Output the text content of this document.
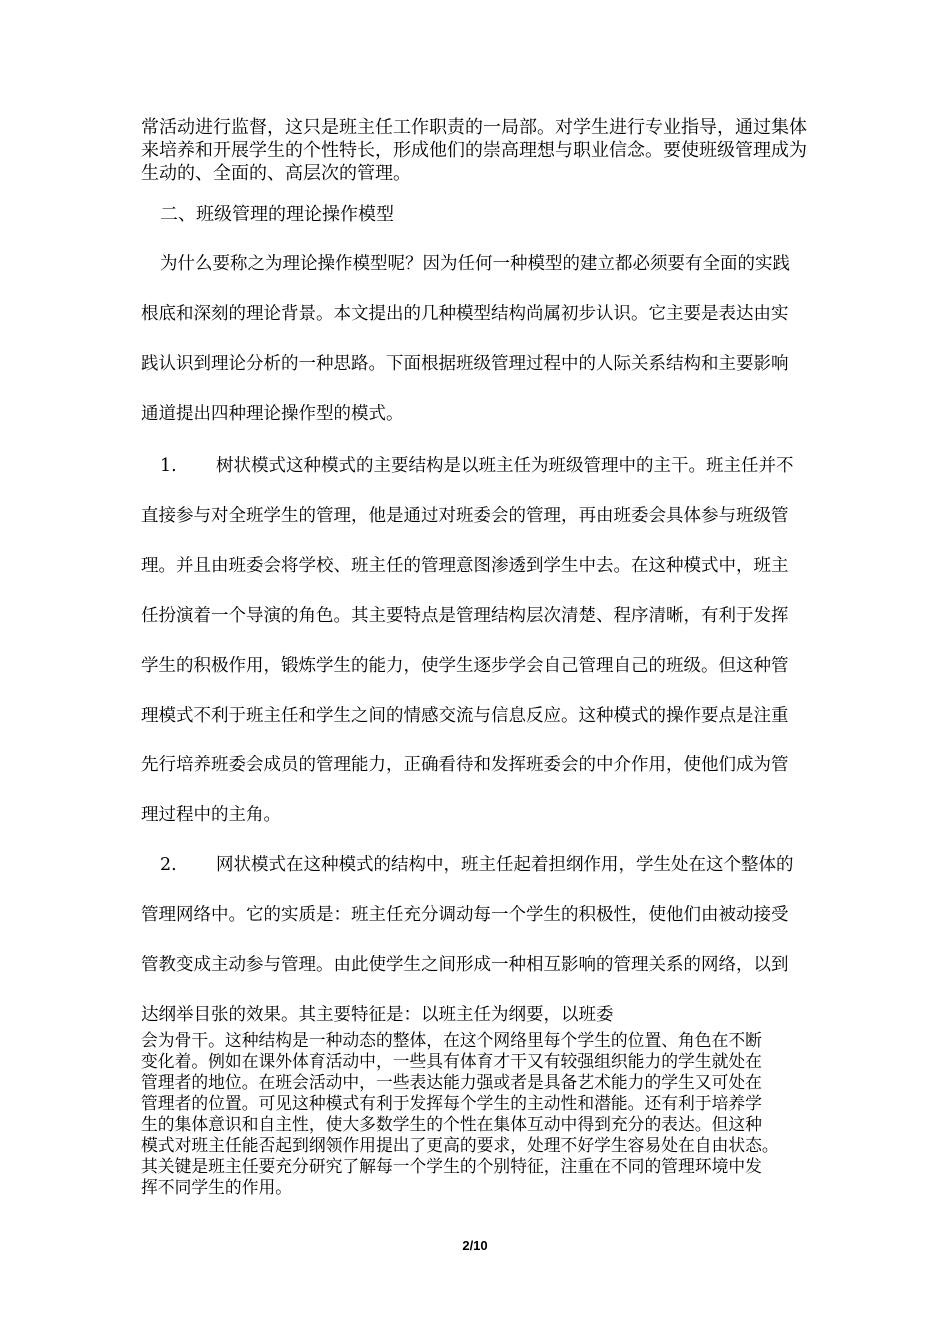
常活动进行监督，这只是班主任工作职责的一局部。对学生进行专业指导，通过集体

来培养和开展学生的个性特长，形成他们的崇高理想与职业信念。要使班级管理成为

生动的、全面的、高层次的管理。

二、班级管理的理论操作模型

为什么要称之为理论操作模型呢？因为任何一种模型的建立都必须要有全面的实践

根底和深刻的理论背景。本文提出的几种模型结构尚属初步认识。它主要是表达由实

践认识到理论分析的一种思路。下面根据班级管理过程中的人际关系结构和主要影响

通道提出四种理论操作型的模式。

1. 树状模式这种模式的主要结构是以班主任为班级管理中的主干。班主任并不

直接参与对全班学生的管理，他是通过对班委会的管理，再由班委会具体参与班级管

理。并且由班委会将学校、班主任的管理意图渗透到学生中去。在这种模式中，班主

任扮演着一个导演的角色。其主要特点是管理结构层次清楚、程序清晰，有利于发挥

学生的积极作用，锻炼学生的能力，使学生逐步学会自己管理自己的班级。但这种管

理模式不利于班主任和学生之间的情感交流与信息反应。这种模式的操作要点是注重

先行培养班委会成员的管理能力，正确看待和发挥班委会的中介作用，使他们成为管

理过程中的主角。

2. 网状模式在这种模式的结构中，班主任起着担纲作用，学生处在这个整体的

管理网络中。它的实质是：班主任充分调动每一个学生的积极性，使他们由被动接受

管教变成主动参与管理。由此使学生之间形成一种相互影响的管理关系的网络，以到

达纲举目张的效果。其主要特征是：以班主任为纲要，以班委

会为骨干。这种结构是一种动态的整体，在这个网络里每个学生的位置、角色在不断

变化着。例如在课外体育活动中，一些具有体育才干又有较强组织能力的学生就处在

管理者的地位。在班会活动中，一些表达能力强或者是具备艺术能力的学生又可处在

管理者的位置。可见这种模式有利于发挥每个学生的主动性和潜能。还有利于培养学

生的集体意识和自主性，使大多数学生的个性在集体互动中得到充分的表达。但这种

模式对班主任能否起到纲领作用提出了更高的要求，处理不好学生容易处在自由状态。

其关键是班主任要充分研究了解每一个学生的个别特征，注重在不同的管理环境中发

挥不同学生的作用。

2/10
